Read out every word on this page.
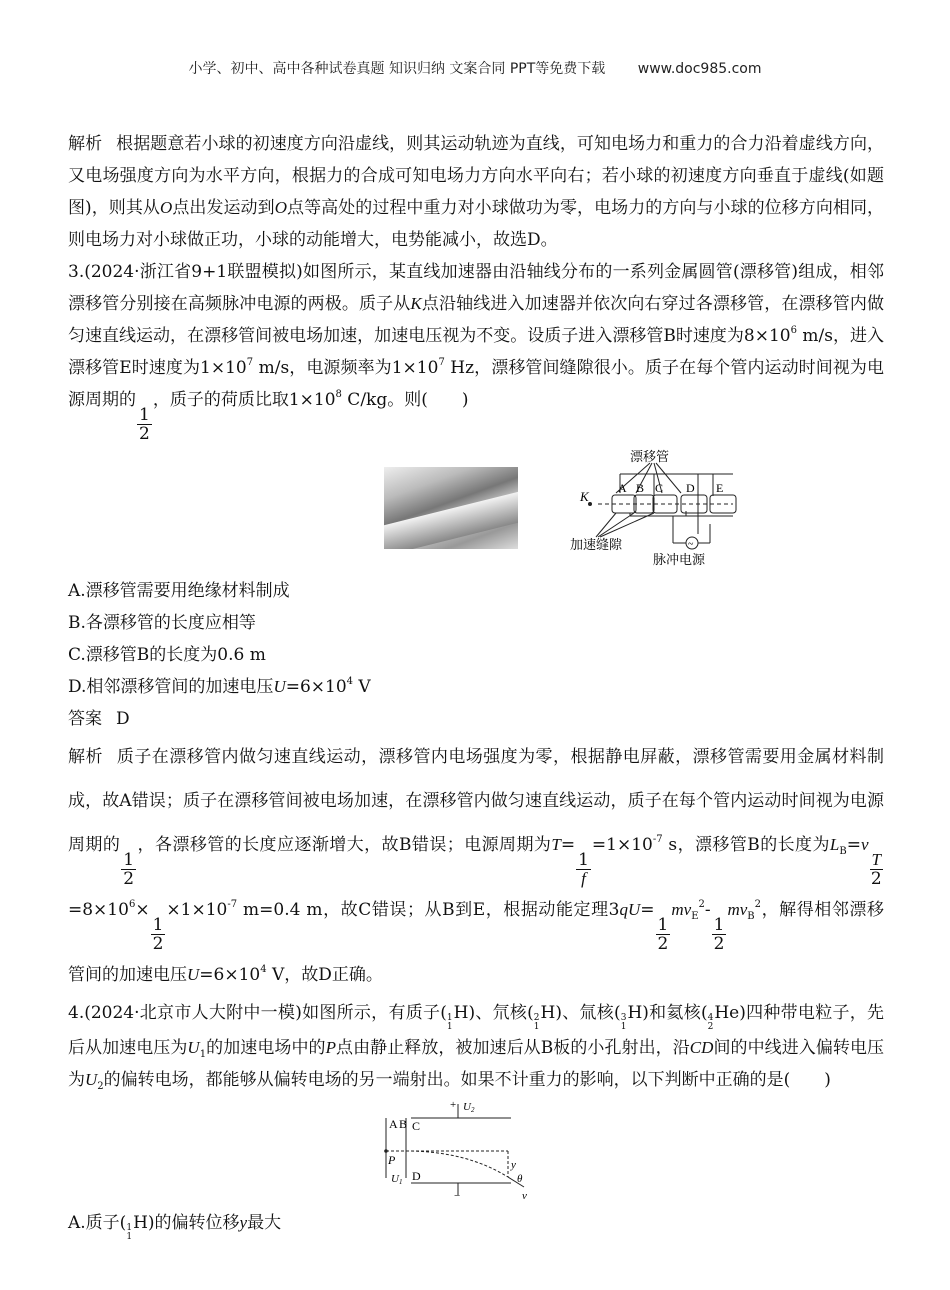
小学、初中、高中各种试卷真题 知识归纳 文案合同 PPT等免费下载 www.doc985.com

解析 根据题意若小球的初速度方向沿虚线，则其运动轨迹为直线，可知电场力和重力的合力沿着虚线方向，又电场强度方向为水平方向，根据力的合成可知电场力方向水平向右；若小球的初速度方向垂直于虚线(如题图)，则其从O点出发运动到O点等高处的过程中重力对小球做功为零，电场力的方向与小球的位移方向相同，则电场力对小球做正功，小球的动能增大，电势能减小，故选D。

3.(2024·浙江省9+1联盟模拟)如图所示，某直线加速器由沿轴线分布的一系列金属圆管(漂移管)组成，相邻漂移管分别接在高频脉冲电源的两极。质子从K点沿轴线进入加速器并依次向右穿过各漂移管，在漂移管内做匀速直线运动，在漂移管间被电场加速，加速电压视为不变。设质子进入漂移管B时速度为$8\times 10^6$ m/s，进入漂移管E时速度为$1\times 10^7$ m/s，电源频率为$1\times 10^7$ Hz，漂移管间缝隙很小。质子在每个管内运动时间视为电源周期的
$\frac{1}{2}$
，质子的荷质比取$1\times 10^8$ C/kg。则(　　)

漂移管
K
A B C D E
~
加速缝隙
脉冲电源

A.漂移管需要用绝缘材料制成

B.各漂移管的长度应相等

C.漂移管B的长度为0.6 m

D.相邻漂移管间的加速电压$U=6\times 10^4$ V

答案 D

解析 质子在漂移管内做匀速直线运动，漂移管内电场强度为零，根据静电屏蔽，漂移管需要用金属材料制成，故A错误；质子在漂移管间被电场加速，在漂移管内做匀速直线运动，质子在每个管内运动时间视为电源周期的
$\frac{1}{2}$
，各漂移管的长度应逐渐增大，故B错误；电源周期为T=
$\frac{1}{f}$
$=1\times 10^{-7}$ s，漂移管B的长度为$L_B=v$
$\frac{T}{2}$
$=8\times 10^6\times$
$\frac{1}{2}$
$\times 1\times 10^{-7}$ m=0.4 m，故C错误；从B到E，根据动能定理3qU=
$\frac{1}{2}$
$mv_E^2-$
$\frac{1}{2}$
$mv_B^2$，解得相邻漂移管间的加速电压$U=6\times 10^4$ V，故D正确。

4.(2024·北京市人大附中一模)如图所示，有质子( 1
1
H)、氘核( 2
1
H)、氚核( 3
1
H)和氦核( 4
2
He)四种带电粒子，先后从加速电压为$U_1$的加速电场中的P点由静止释放，被加速后从B板的小孔射出，沿CD间的中线进入偏转电压为$U_2$的偏转电场，都能够从偏转电场的另一端射出。如果不计重力的影响，以下判断中正确的是(　　)

+ U2
A B C
P
U1 D
y
θ
−	v

A.质子( 1
1
H)的偏转位移y最大
